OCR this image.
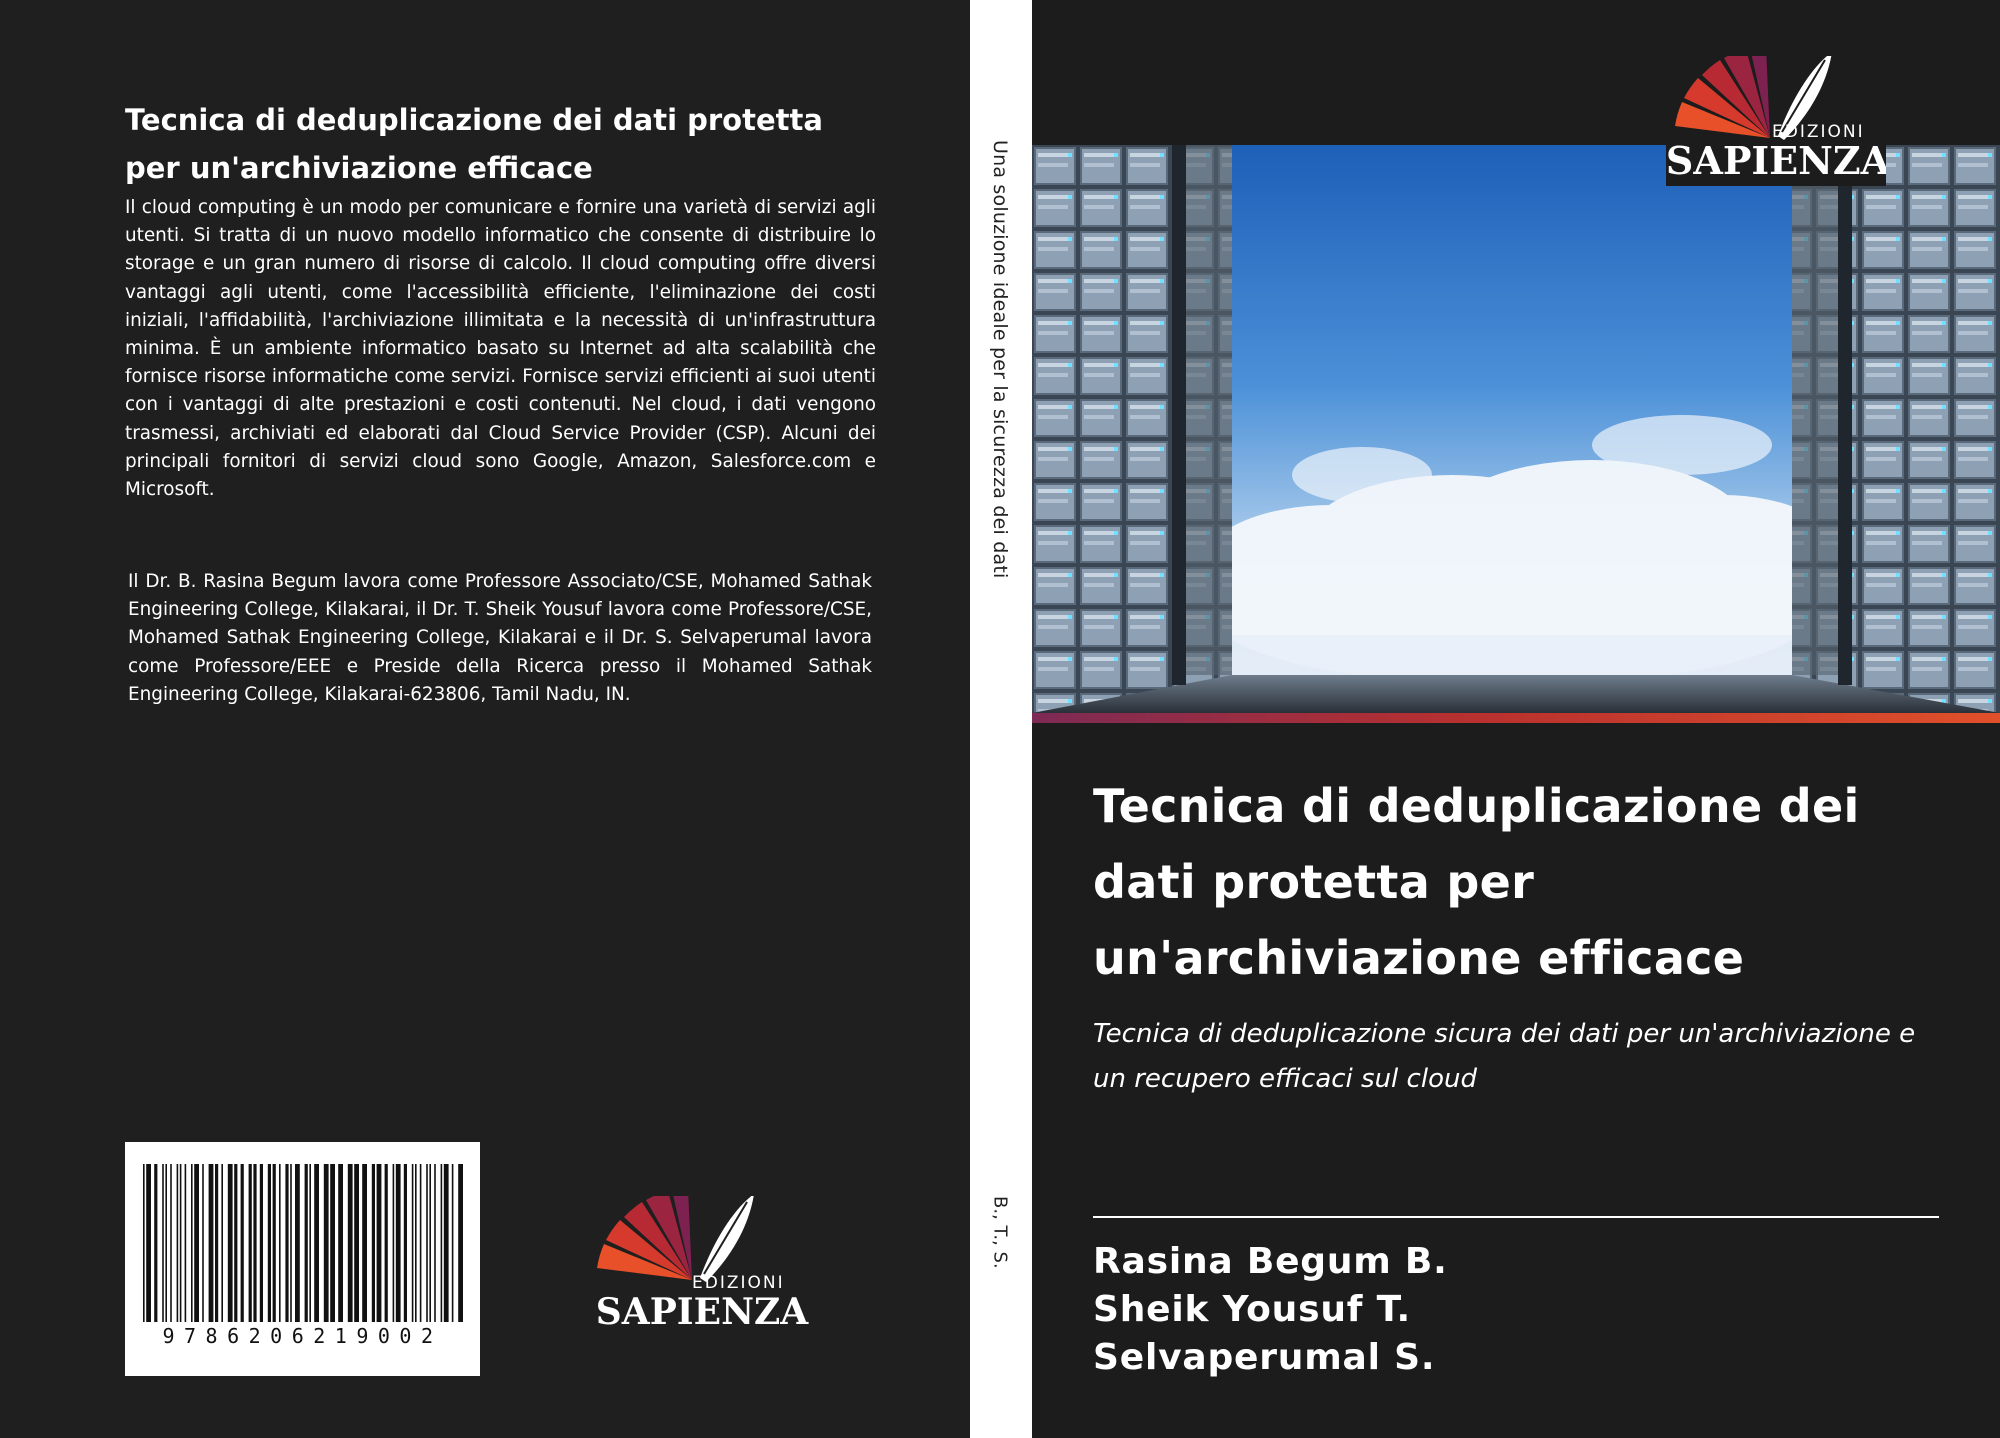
Tecnica di deduplicazione dei dati protetta per un'archiviazione efficace
Il cloud computing è un modo per comunicare e fornire una varietà di servizi agli utenti. Si tratta di un nuovo modello informatico che consente di distribuire lo storage e un gran numero di risorse di calcolo. Il cloud computing offre diversi vantaggi agli utenti, come l'accessibilità efficiente, l'eliminazione dei costi iniziali, l'affidabilità, l'archiviazione illimitata e la necessità di un'infrastruttura minima. È un ambiente informatico basato su Internet ad alta scalabilità che fornisce risorse informatiche come servizi. Fornisce servizi efficienti ai suoi utenti con i vantaggi di alte prestazioni e costi contenuti. Nel cloud, i dati vengono trasmessi, archiviati ed elaborati dal Cloud Service Provider (CSP). Alcuni dei principali fornitori di servizi cloud sono Google, Amazon, Salesforce.com e Microsoft.
Il Dr. B. Rasina Begum lavora come Professore Associato/CSE, Mohamed Sathak Engineering College, Kilakarai, il Dr. T. Sheik Yousuf lavora come Professore/CSE, Mohamed Sathak Engineering College, Kilakarai e il Dr. S. Selvaperumal lavora come Professore/EEE e Preside della Ricerca presso il Mohamed Sathak Engineering College, Kilakarai-623806, Tamil Nadu, IN.
9786206219002
EDIZIONI
SAPIENZA
Una soluzione ideale per la sicurezza dei dati
B., T., S.
EDIZIONI
SAPIENZA
Tecnica di deduplicazione dei dati protetta per un'archiviazione efficace
Tecnica di deduplicazione sicura dei dati per un'archiviazione e un recupero efficaci sul cloud
Rasina Begum B.
Sheik Yousuf T.
Selvaperumal S.
